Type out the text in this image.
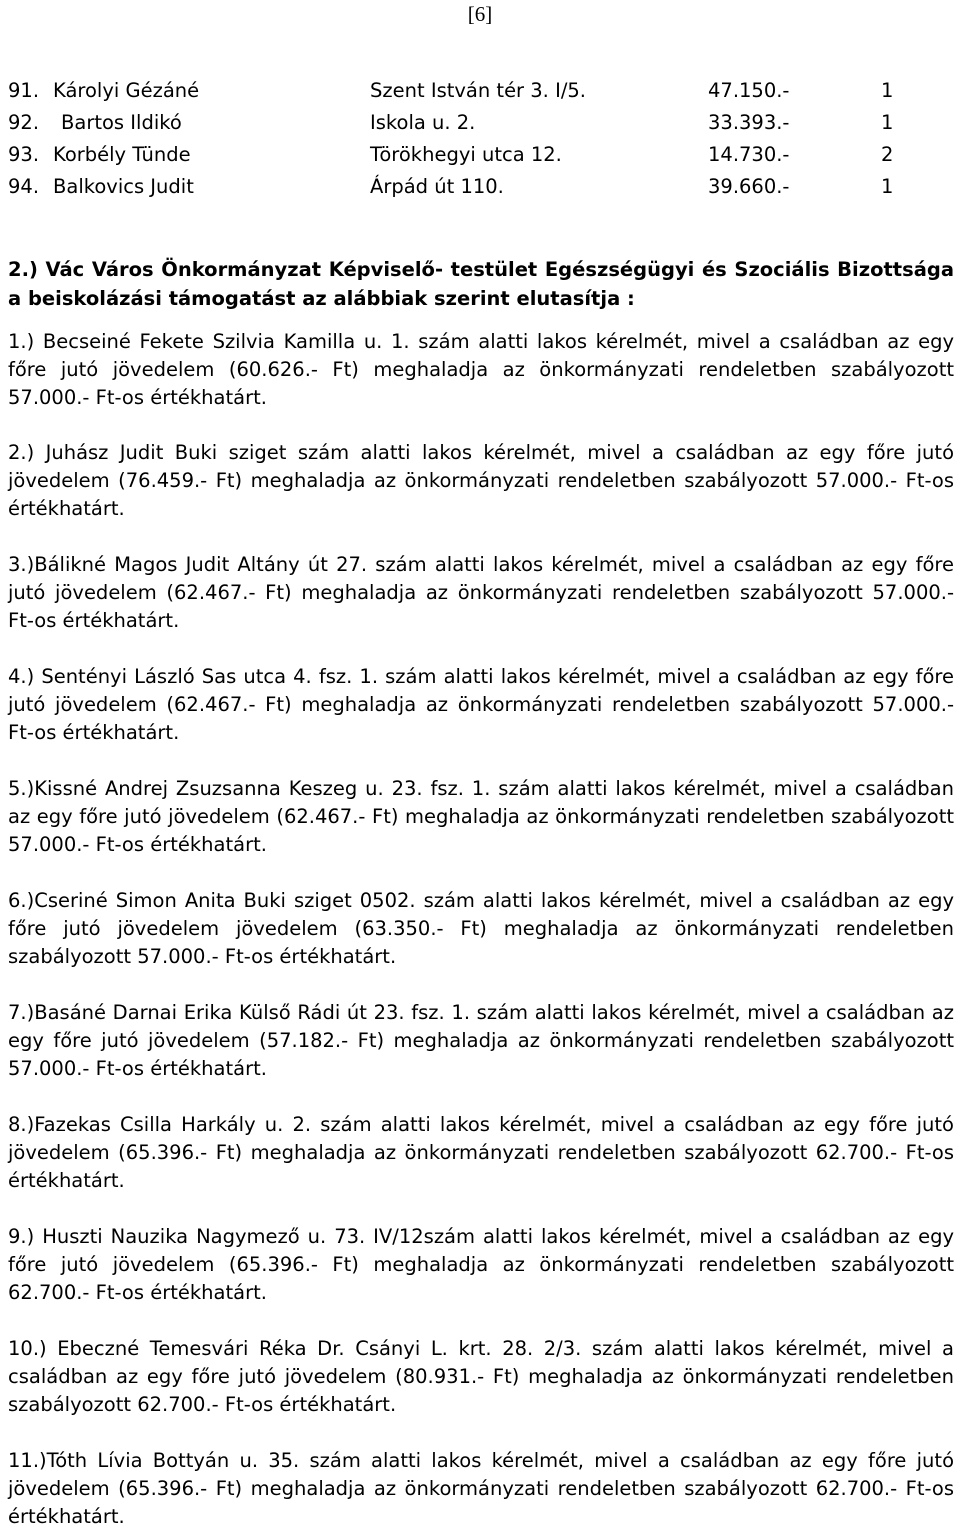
[6]
91. Károlyi Gézáné	Szent István tér 3. I/5.	47.150.-	1
92. Bartos Ildikó	Iskola u. 2.	33.393.-	1
93. Korbély Tünde	Törökhegyi utca 12.	14.730.-	2
94. Balkovics Judit	Árpád út 110.	39.660.-	1
2.) Vác Város Önkormányzat Képviselő- testület Egészségügyi és Szociális Bizottsága a beiskolázási támogatást az alábbiak szerint elutasítja :

1.) Becseiné Fekete Szilvia Kamilla u. 1. szám alatti lakos kérelmét, mivel a családban az egy főre jutó jövedelem (60.626.- Ft) meghaladja az önkormányzati rendeletben szabályozott 57.000.- Ft-os értékhatárt.

2.) Juhász Judit Buki sziget szám alatti lakos kérelmét, mivel a családban az egy főre jutó jövedelem (76.459.- Ft) meghaladja az önkormányzati rendeletben szabályozott 57.000.- Ft-os értékhatárt.

3.)Bálikné Magos Judit Altány út 27. szám alatti lakos kérelmét, mivel a családban az egy főre jutó jövedelem (62.467.- Ft) meghaladja az önkormányzati rendeletben szabályozott 57.000.- Ft-os értékhatárt.

4.) Sentényi László Sas utca 4. fsz. 1. szám alatti lakos kérelmét, mivel a családban az egy főre jutó jövedelem (62.467.- Ft) meghaladja az önkormányzati rendeletben szabályozott 57.000.- Ft-os értékhatárt.

5.)Kissné Andrej Zsuzsanna Keszeg u. 23. fsz. 1. szám alatti lakos kérelmét, mivel a családban az egy főre jutó jövedelem (62.467.- Ft) meghaladja az önkormányzati rendeletben szabályozott 57.000.- Ft-os értékhatárt.

6.)Cseriné Simon Anita Buki sziget 0502. szám alatti lakos kérelmét, mivel a családban az egy főre jutó jövedelem jövedelem (63.350.- Ft) meghaladja az önkormányzati rendeletben szabályozott 57.000.- Ft-os értékhatárt.

7.)Basáné Darnai Erika Külső Rádi út 23. fsz. 1. szám alatti lakos kérelmét, mivel a családban az egy főre jutó jövedelem (57.182.- Ft) meghaladja az önkormányzati rendeletben szabályozott 57.000.- Ft-os értékhatárt.

8.)Fazekas Csilla Harkály u. 2. szám alatti lakos kérelmét, mivel a családban az egy főre jutó jövedelem (65.396.- Ft) meghaladja az önkormányzati rendeletben szabályozott 62.700.- Ft-os értékhatárt.

9.) Huszti Nauzika Nagymező u. 73. IV/12szám alatti lakos kérelmét, mivel a családban az egy főre jutó jövedelem (65.396.- Ft) meghaladja az önkormányzati rendeletben szabályozott 62.700.- Ft-os értékhatárt.

10.) Ebeczné Temesvári Réka Dr. Csányi L. krt. 28. 2/3. szám alatti lakos kérelmét, mivel a családban az egy főre jutó jövedelem (80.931.- Ft) meghaladja az önkormányzati rendeletben szabályozott 62.700.- Ft-os értékhatárt.

11.)Tóth Lívia Bottyán u. 35. szám alatti lakos kérelmét, mivel a családban az egy főre jutó jövedelem (65.396.- Ft) meghaladja az önkormányzati rendeletben szabályozott 62.700.- Ft-os értékhatárt.
